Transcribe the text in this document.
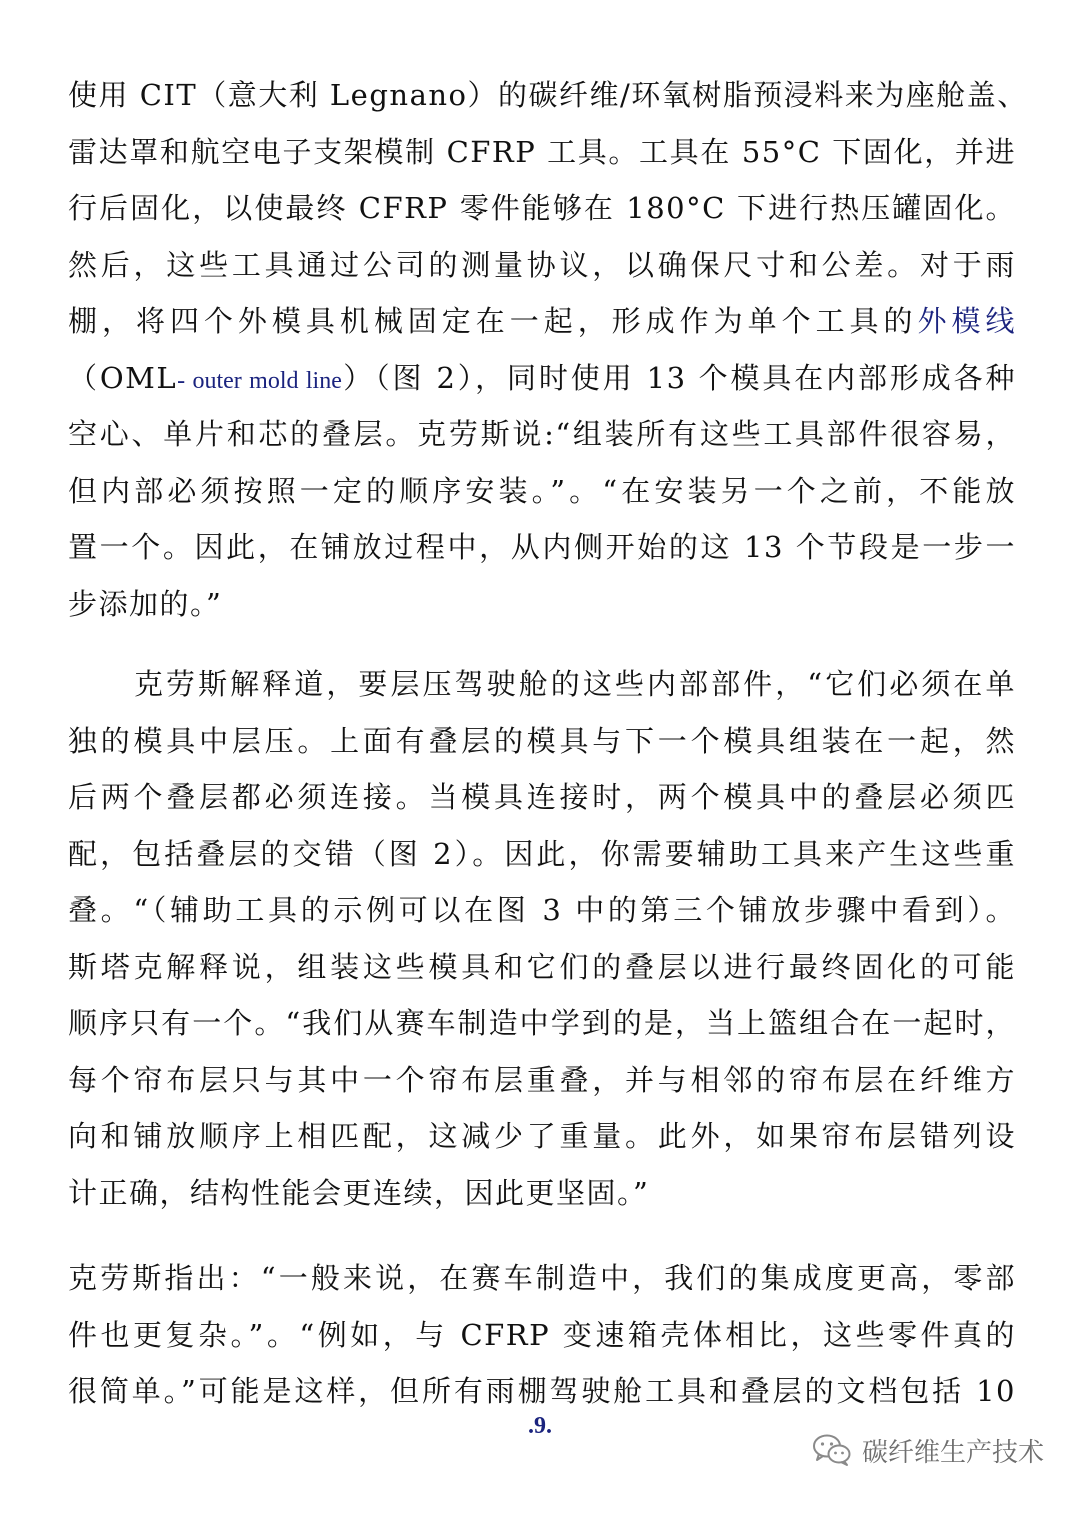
使用 CIT（意大利 Legnano）的碳纤维/环氧树脂预浸料来为座舱盖、
雷达罩和航空电子支架模制 CFRP 工具。工具在 55°C 下固化，并进
行后固化，以使最终 CFRP 零件能够在 180°C 下进行热压罐固化。
然后，这些工具通过公司的测量协议，以确保尺寸和公差。对于雨
棚，将四个外模具机械固定在一起，形成作为单个工具的外模线
（OML- outer mold line）（图 2），同时使用 13 个模具在内部形成各种
空心、单片和芯的叠层。克劳斯说:“组装所有这些工具部件很容易，
但内部必须按照一定的顺序安装。”。“在安装另一个之前，不能放
置一个。因此，在铺放过程中，从内侧开始的这 13 个节段是一步一
步添加的。”
克劳斯解释道，要层压驾驶舱的这些内部部件，“它们必须在单
独的模具中层压。上面有叠层的模具与下一个模具组装在一起，然
后两个叠层都必须连接。当模具连接时，两个模具中的叠层必须匹
配，包括叠层的交错（图 2）。因此，你需要辅助工具来产生这些重
叠。“（辅助工具的示例可以在图 3 中的第三个铺放步骤中看到）。
斯塔克解释说，组装这些模具和它们的叠层以进行最终固化的可能
顺序只有一个。“我们从赛车制造中学到的是，当上篮组合在一起时，
每个帘布层只与其中一个帘布层重叠，并与相邻的帘布层在纤维方
向和铺放顺序上相匹配，这减少了重量。此外，如果帘布层错列设
计正确，结构性能会更连续，因此更坚固。”
克劳斯指出：“一般来说，在赛车制造中，我们的集成度更高，零部
件也更复杂。”。“例如，与 CFRP 变速箱壳体相比，这些零件真的
很简单。”可能是这样，但所有雨棚驾驶舱工具和叠层的文档包括 10
.9.
碳纤维生产技术
